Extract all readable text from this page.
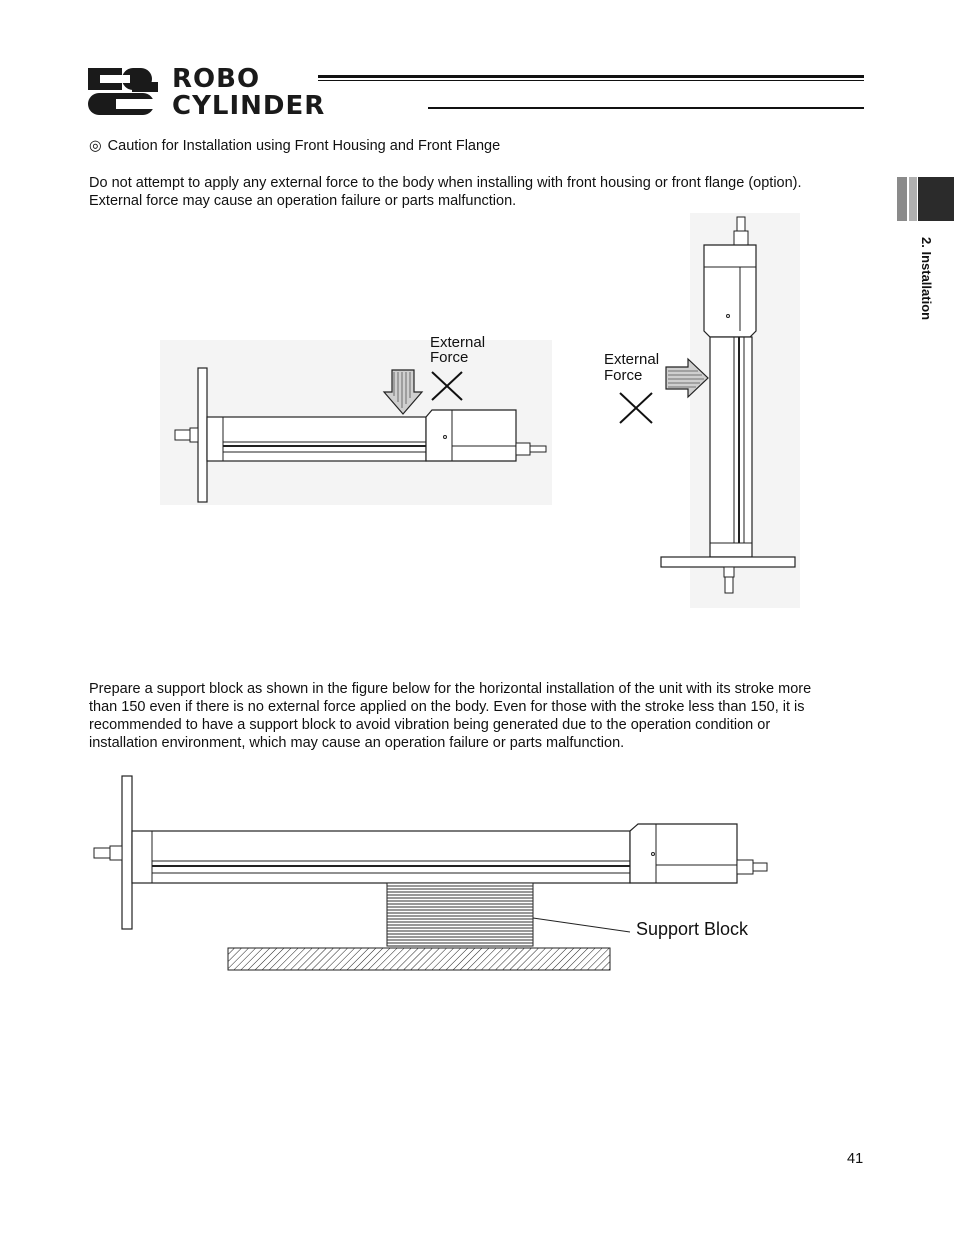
ROBO
CYLINDER
2. Installation
◎ Caution for Installation using Front Housing and Front Flange
Do not attempt to apply any external force to the body when installing with front housing or front flange (option).
External force may cause an operation failure or parts malfunction.
External
Force	External
Force
Prepare a support block as shown in the figure below for the horizontal installation of the unit with its stroke more
than 150 even if there is no external force applied on the body. Even for those with the stroke less than 150, it is
recommended to have a support block to avoid vibration being generated due to the operation condition or
installation environment, which may cause an operation failure or parts malfunction.
Support Block
41
